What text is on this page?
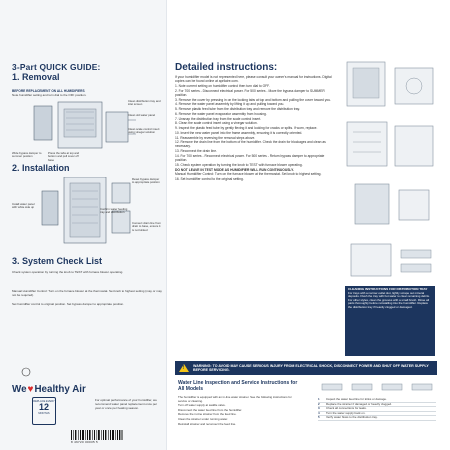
3-Part QUICK GUIDE:
1. Removal
BEFORE REPLACEMENT ON ALL HUMIDIFIERS
Note humidifier setting and turn dial to the OFF position.
Wide bypass damper to summer position
Press the tabs at top and bottom and pull cover off base
Clean distribution tray and inlet screen
Clean old water panel
Clean scale control insert using vinegar solution
2. Installation
Install water panel with white side up
Reset bypass damper to appropriate position
Confirm water feeding tray and distribution
Connect drain line from drain to base, ensure it is not kinked
3. System Check List
Check system operation by turning the knob to TEST with furnace blower operating.
Manual Humidifier Control: Turn on the furnace blower at the thermostat. Set knob to highest setting (may or may not be required).
Set humidifier control to original position. Set bypass damper to appropriate position.
We ♥ Healthy Air
REPLACE EVERY
12
MONTHS
For optimal performance of your humidifier, we recommend water panel replacement once per year or once per heating season.
8 46720 00035 5
Detailed instructions:

If your humidifier model is not represented here, please consult your owner's manual for instructions. Digital copies can be found online at aprilaire.com.

1. Note current setting on humidifier control then turn dial to OFF.

2. For 700 series - Disconnect electrical power. For 500 series - Move the bypass damper to SUMMER position.

3. Remove the cover by pressing in on the locking tabs at top and bottom and pulling the cover toward you.

4. Remove the water panel assembly by lifting it up and pulling toward you.

5. Remove plastic feed tube from the distribution tray and remove the distribution tray.

6. Remove the water panel evaporator assembly from housing.

7. Unsnap the distribution tray from the scale control insert.

8. Clean the scale control insert using a vinegar solution.

9. Inspect the plastic feed tube by gently flexing it and looking for cracks or splits. If worn, replace.

10. Insert the new water panel into the frame assembly, ensuring it is correctly oriented.

11. Reassemble by reversing the removal steps above.

12. Remove the drain line from the bottom of the humidifier. Check the drain for blockages and clean as necessary.

13. Reconnect the drain line.

14. For 700 series - Reconnect electrical power. For 500 series - Return bypass damper to appropriate position.

15. Check system operation by turning the knob to TEST with furnace blower operating.

DO NOT LEAVE IN TEST MODE AS HUMIDIFIER WILL RUN CONTINUOUSLY.

Manual Humidifier Control: Turn on the furnace blower at the thermostat. Set knob to highest setting.

16. Set humidifier control to the original setting.

CLEANING INSTRUCTIONS FOR DISTRIBUTION TRAY
For trays with a narrow outlet slot, lightly scrape out mineral deposits. Flush the tray with hot water to clear remaining debris. For other styles, clean the grooves with a small brush. Rinse all parts thoroughly before reinstalling into the humidifier. Replace the distribution tray if heavily clogged or damaged.
! WARNING: TO AVOID MAY CAUSE SERIOUS INJURY FROM ELECTRICAL SHOCK, DISCONNECT POWER AND SHUT OFF WATER SUPPLY BEFORE SERVICING.
Water Line Inspection and Service Instructions for All Models
The humidifier is equipped with an in-line water strainer. See the following instructions for service or cleaning.
Turn off water supply at saddle valve.
Disconnect the water feed line from the humidifier.
Remove the in-line strainer from the feed line.
Clean the strainer under running water.
Reinstall strainer and reconnect the feed line.
1	Inspect the water feed line for kinks or damage.
2	Replace the strainer if damaged or heavily clogged.
3	Check all connections for leaks.
4	Turn the water supply back on.
5	Verify water flows to the distribution tray.
